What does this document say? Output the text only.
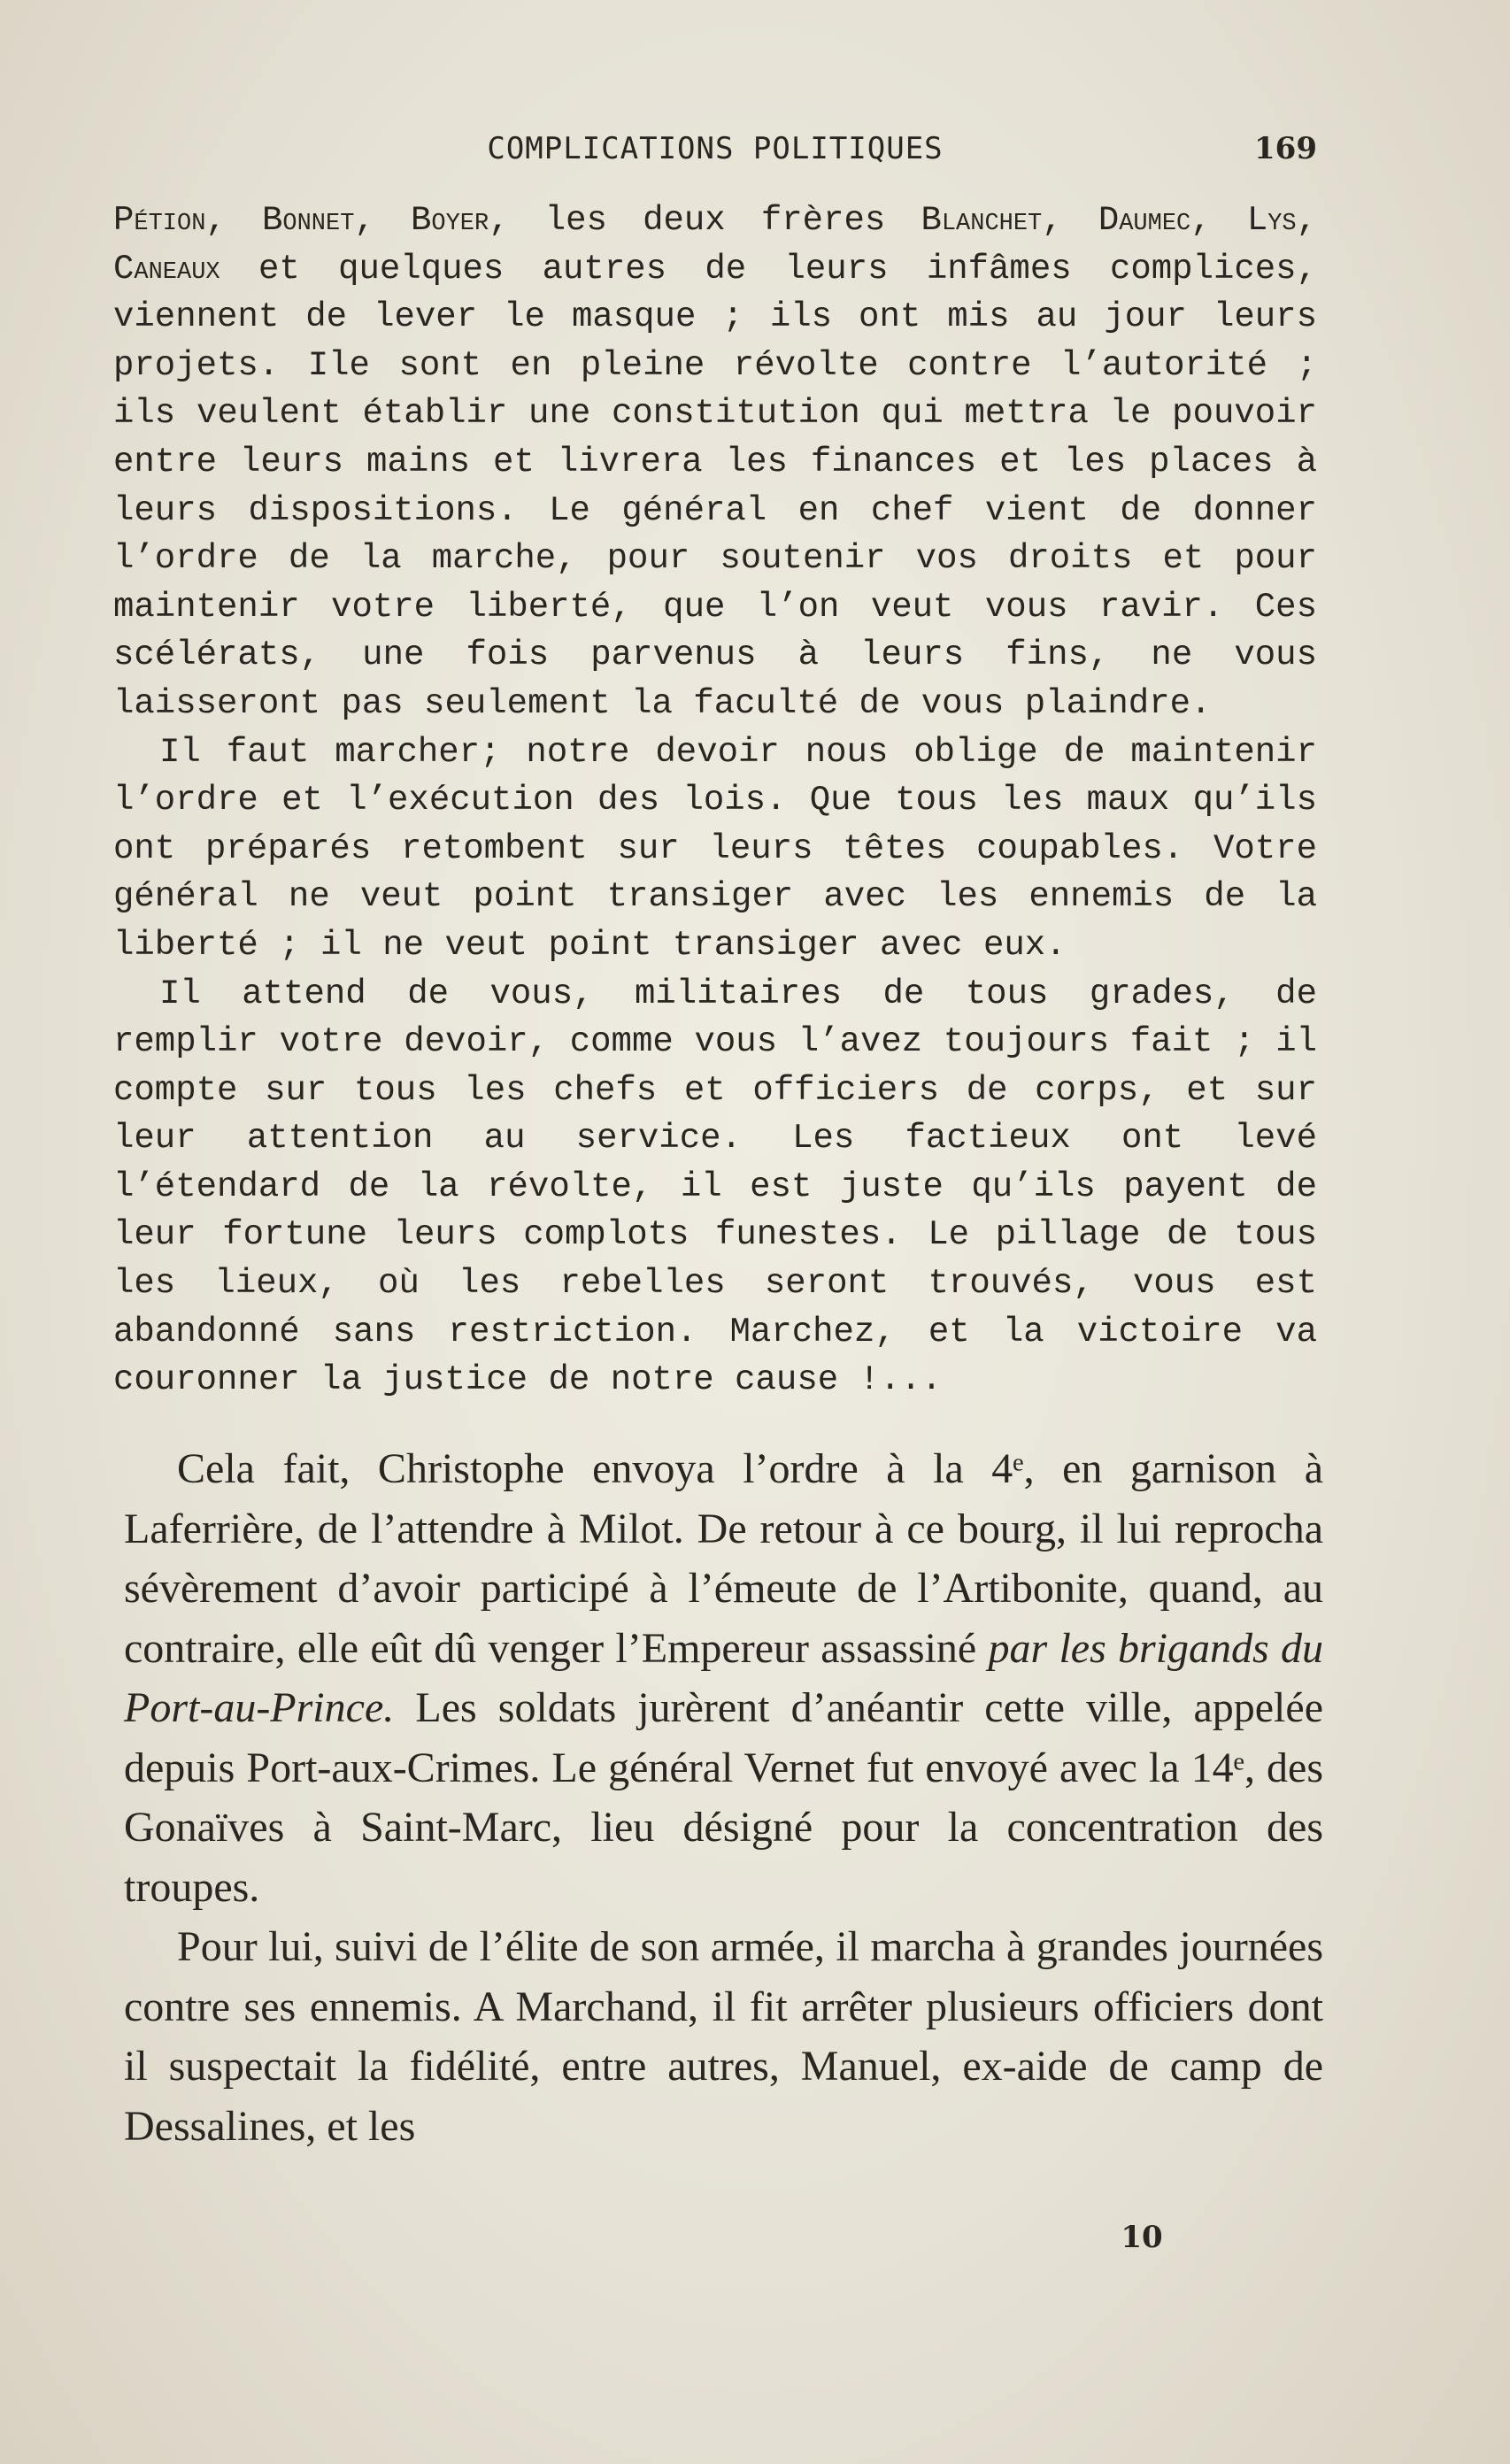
COMPLICATIONS POLITIQUES	169

Pétion, Bonnet, Boyer, les deux frères Blanchet, Daumec, Lys, Caneaux et quelques autres de leurs infâmes complices, viennent de lever le masque ; ils ont mis au jour leurs projets. Ile sont en pleine révolte contre l’autorité ; ils veulent établir une constitution qui mettra le pouvoir entre leurs mains et livrera les finances et les places à leurs dispositions. Le général en chef vient de donner l’ordre de la marche, pour soutenir vos droits et pour maintenir votre liberté, que l’on veut vous ravir. Ces scélérats, une fois parvenus à leurs fins, ne vous laisseront pas seulement la faculté de vous plaindre.

Il faut marcher; notre devoir nous oblige de maintenir l’ordre et l’exécution des lois. Que tous les maux qu’ils ont préparés retombent sur leurs têtes coupables. Votre général ne veut point transiger avec les ennemis de la liberté ; il ne veut point transiger avec eux.

Il attend de vous, militaires de tous grades, de remplir votre devoir, comme vous l’avez toujours fait ; il compte sur tous les chefs et officiers de corps, et sur leur attention au service. Les factieux ont levé l’étendard de la révolte, il est juste qu’ils payent de leur fortune leurs complots funestes. Le pillage de tous les lieux, où les rebelles seront trouvés, vous est abandonné sans restriction. Marchez, et la victoire va couronner la justice de notre cause !...

Cela fait, Christophe envoya l’ordre à la 4ᵉ, en garnison à Laferrière, de l’attendre à Milot. De retour à ce bourg, il lui reprocha sévèrement d’avoir participé à l’émeute de l’Artibonite, quand, au contraire, elle eût dû venger l’Empereur assassiné par les brigands du Port-au-Prince. Les soldats jurèrent d’anéantir cette ville, appelée depuis Port-aux-Crimes. Le général Vernet fut envoyé avec la 14ᵉ, des Gonaïves à Saint-Marc, lieu désigné pour la concentration des troupes.

Pour lui, suivi de l’élite de son armée, il marcha à grandes journées contre ses ennemis. A Marchand, il fit arrêter plusieurs officiers dont il suspectait la fidélité, entre autres, Manuel, ex-aide de camp de Dessalines, et les

10
